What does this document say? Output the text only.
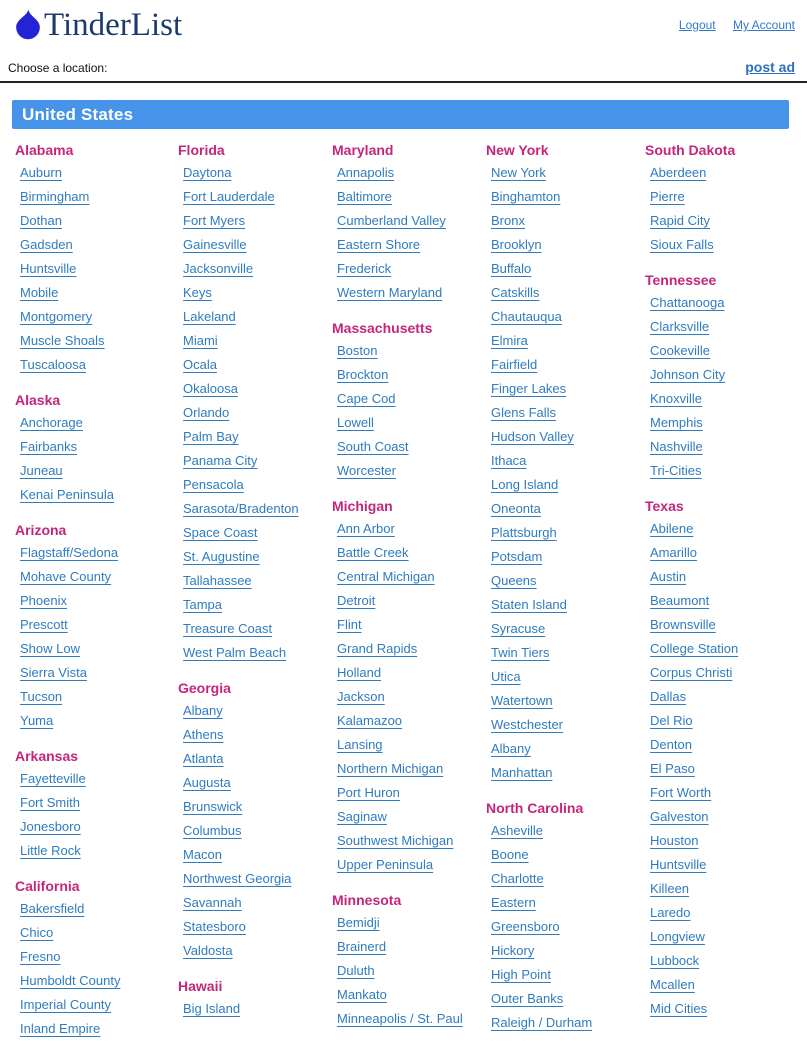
TinderList	Logout My Account
Choose a location:	post ad
United States
Alabama
Auburn
Birmingham
Dothan
Gadsden
Huntsville
Mobile
Montgomery
Muscle Shoals
Tuscaloosa
Alaska
Anchorage
Fairbanks
Juneau
Kenai Peninsula
Arizona
Flagstaff/Sedona
Mohave County
Phoenix
Prescott
Show Low
Sierra Vista
Tucson
Yuma
Arkansas
Fayetteville
Fort Smith
Jonesboro
Little Rock
California
Bakersfield
Chico
Fresno
Humboldt County
Imperial County
Inland Empire
Florida
Daytona
Fort Lauderdale
Fort Myers
Gainesville
Jacksonville
Keys
Lakeland
Miami
Ocala
Okaloosa
Orlando
Palm Bay
Panama City
Pensacola
Sarasota/Bradenton
Space Coast
St. Augustine
Tallahassee
Tampa
Treasure Coast
West Palm Beach
Georgia
Albany
Athens
Atlanta
Augusta
Brunswick
Columbus
Macon
Northwest Georgia
Savannah
Statesboro
Valdosta
Hawaii
Big Island
Maryland
Annapolis
Baltimore
Cumberland Valley
Eastern Shore
Frederick
Western Maryland
Massachusetts
Boston
Brockton
Cape Cod
Lowell
South Coast
Worcester
Michigan
Ann Arbor
Battle Creek
Central Michigan
Detroit
Flint
Grand Rapids
Holland
Jackson
Kalamazoo
Lansing
Northern Michigan
Port Huron
Saginaw
Southwest Michigan
Upper Peninsula
Minnesota
Bemidji
Brainerd
Duluth
Mankato
Minneapolis / St. Paul
New York
New York
Binghamton
Bronx
Brooklyn
Buffalo
Catskills
Chautauqua
Elmira
Fairfield
Finger Lakes
Glens Falls
Hudson Valley
Ithaca
Long Island
Oneonta
Plattsburgh
Potsdam
Queens
Staten Island
Syracuse
Twin Tiers
Utica
Watertown
Westchester
Albany
Manhattan
North Carolina
Asheville
Boone
Charlotte
Eastern
Greensboro
Hickory
High Point
Outer Banks
Raleigh / Durham
South Dakota
Aberdeen
Pierre
Rapid City
Sioux Falls
Tennessee
Chattanooga
Clarksville
Cookeville
Johnson City
Knoxville
Memphis
Nashville
Tri-Cities
Texas
Abilene
Amarillo
Austin
Beaumont
Brownsville
College Station
Corpus Christi
Dallas
Del Rio
Denton
El Paso
Fort Worth
Galveston
Houston
Huntsville
Killeen
Laredo
Longview
Lubbock
Mcallen
Mid Cities
